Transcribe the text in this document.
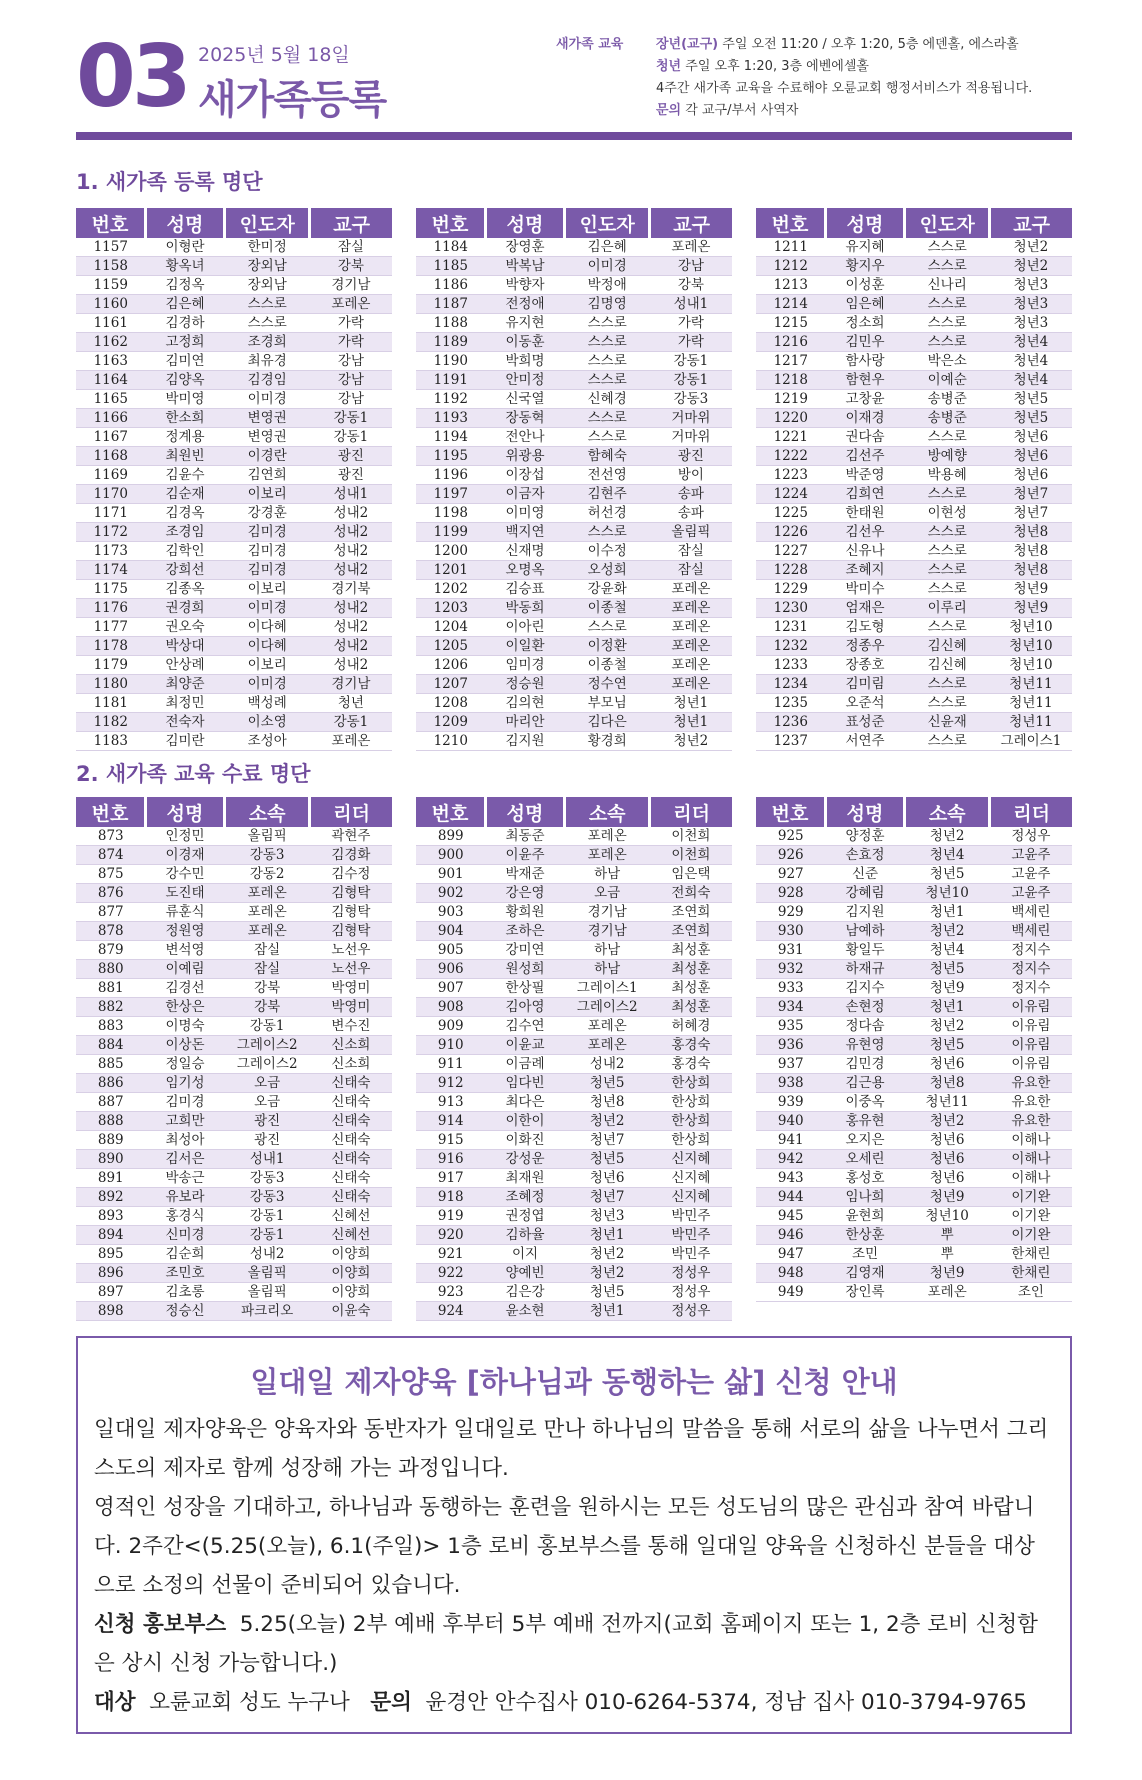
03 2025년 5월 18일
새가족등록
새가족 교육	장년(교구) 주일 오전 11:20 / 오후 1:20, 5층 에덴홀, 에스라홀
청년 주일 오후 1:20, 3층 에벤에셀홀
4주간 새가족 교육을 수료해야 오륜교회 행정서비스가 적용됩니다.
문의 각 교구/부서 사역자
1. 새가족 등록 명단
번호	성명	인도자	교구
1157	이형란	한미정	잠실
1158	황옥녀	장외남	강북
1159	김정옥	장외남	경기남
1160	김은혜	스스로	포레온
1161	김경하	스스로	가락
1162	고정희	조경희	가락
1163	김미연	최유경	강남
1164	김양옥	김경임	강남
1165	박미영	이미경	강남
1166	한소희	변영권	강동1
1167	정계용	변영권	강동1
1168	최원빈	이경란	광진
1169	김윤수	김연희	광진
1170	김순재	이보리	성내1
1171	김경옥	강경훈	성내2
1172	조경임	김미경	성내2
1173	김학인	김미경	성내2
1174	강희선	김미경	성내2
1175	김종옥	이보리	경기북
1176	권경희	이미경	성내2
1177	권오숙	이다혜	성내2
1178	박상대	이다혜	성내2
1179	안상례	이보리	성내2
1180	최양준	이미경	경기남
1181	최정민	백성례	청년
1182	전숙자	이소영	강동1
1183	김미란	조성아	포레온
번호	성명	인도자	교구
1184	장영훈	김은혜	포레온
1185	박복남	이미경	강남
1186	박향자	박정애	강북
1187	전정애	김명영	성내1
1188	유지현	스스로	가락
1189	이동훈	스스로	가락
1190	박희명	스스로	강동1
1191	안미정	스스로	강동1
1192	신국열	신혜경	강동3
1193	장동혁	스스로	거마위
1194	전안나	스스로	거마위
1195	위광용	함혜숙	광진
1196	이장섭	전선영	방이
1197	이금자	김현주	송파
1198	이미영	허선경	송파
1199	백지연	스스로	올림픽
1200	신재명	이수정	잠실
1201	오명옥	오성희	잠실
1202	김승표	강윤화	포레온
1203	박동희	이종철	포레온
1204	이아린	스스로	포레온
1205	이일환	이정환	포레온
1206	임미경	이종철	포레온
1207	정승원	정수연	포레온
1208	김의현	부모님	청년1
1209	마리안	김다은	청년1
1210	김지원	황경희	청년2
번호	성명	인도자	교구
1211	유지혜	스스로	청년2
1212	황지우	스스로	청년2
1213	이성훈	신나리	청년3
1214	임은혜	스스로	청년3
1215	정소희	스스로	청년3
1216	김민우	스스로	청년4
1217	함사랑	박은소	청년4
1218	함현우	이예순	청년4
1219	고창윤	송병준	청년5
1220	이재경	송병준	청년5
1221	권다솜	스스로	청년6
1222	김선주	방예향	청년6
1223	박준영	박용혜	청년6
1224	김희연	스스로	청년7
1225	한태원	이현성	청년7
1226	김선우	스스로	청년8
1227	신유나	스스로	청년8
1228	조혜지	스스로	청년8
1229	박미수	스스로	청년9
1230	엄재은	이루리	청년9
1231	김도형	스스로	청년10
1232	정종우	김신혜	청년10
1233	장종호	김신혜	청년10
1234	김미림	스스로	청년11
1235	오준석	스스로	청년11
1236	표성준	신윤재	청년11
1237	서연주	스스로	그레이스1
2. 새가족 교육 수료 명단
번호	성명	소속	리더
873	인정민	올림픽	곽현주
874	이경재	강동3	김경화
875	강수민	강동2	김수정
876	도진태	포레온	김형탁
877	류훈식	포레온	김형탁
878	정원영	포레온	김형탁
879	변석영	잠실	노선우
880	이예림	잠실	노선우
881	김경선	강북	박영미
882	한상은	강북	박영미
883	이명숙	강동1	변수진
884	이상돈	그레이스2	신소희
885	정일승	그레이스2	신소희
886	임기성	오금	신태숙
887	김미경	오금	신태숙
888	고희만	광진	신태숙
889	최성아	광진	신태숙
890	김서은	성내1	신태숙
891	박송근	강동3	신태숙
892	유보라	강동3	신태숙
893	홍경식	강동1	신혜선
894	신미경	강동1	신혜선
895	김순희	성내2	이양희
896	조민호	올림픽	이양희
897	김초롱	올림픽	이양희
898	정승신	파크리오	이윤숙
번호	성명	소속	리더
899	최동준	포레온	이천희
900	이윤주	포레온	이천희
901	박재준	하남	임은택
902	강은영	오금	전희숙
903	황희원	경기남	조연희
904	조하은	경기남	조연희
905	강미연	하남	최성훈
906	원성희	하남	최성훈
907	한상필	그레이스1	최성훈
908	김아영	그레이스2	최성훈
909	김수연	포레온	허혜경
910	이윤교	포레온	홍경숙
911	이금례	성내2	홍경숙
912	임다빈	청년5	한상희
913	최다은	청년8	한상희
914	이한이	청년2	한상희
915	이화진	청년7	한상희
916	강성운	청년5	신지혜
917	최재원	청년6	신지혜
918	조혜정	청년7	신지혜
919	권정엽	청년3	박민주
920	김하율	청년1	박민주
921	이지	청년2	박민주
922	양예빈	청년2	정성우
923	김은강	청년5	정성우
924	윤소현	청년1	정성우
번호	성명	소속	리더
925	양정훈	청년2	정성우
926	손효정	청년4	고윤주
927	신준	청년5	고윤주
928	강혜림	청년10	고윤주
929	김지원	청년1	백세린
930	남예하	청년2	백세린
931	황일두	청년4	정지수
932	하재규	청년5	정지수
933	김지수	청년9	정지수
934	손현정	청년1	이유림
935	정다솜	청년2	이유림
936	유현영	청년5	이유림
937	김민경	청년6	이유림
938	김근용	청년8	유요한
939	이중옥	청년11	유요한
940	홍유현	청년2	유요한
941	오지은	청년6	이해나
942	오세린	청년6	이해나
943	홍성호	청년6	이해나
944	임나희	청년9	이기완
945	윤현희	청년10	이기완
946	한상훈	뿌	이기완
947	조민	뿌	한채린
948	김영재	청년9	한채린
949	장인록	포레온	조인
일대일 제자양육 [하나님과 동행하는 삶] 신청 안내
일대일 제자양육은 양육자와 동반자가 일대일로 만나 하나님의 말씀을 통해 서로의 삶을 나누면서 그리스도의 제자로 함께 성장해 가는 과정입니다.
영적인 성장을 기대하고, 하나님과 동행하는 훈련을 원하시는 모든 성도님의 많은 관심과 참여 바랍니다. 2주간<(5.25(오늘), 6.1(주일)> 1층 로비 홍보부스를 통해 일대일 양육을 신청하신 분들을 대상으로 소정의 선물이 준비되어 있습니다.
신청 홍보부스 5.25(오늘) 2부 예배 후부터 5부 예배 전까지(교회 홈페이지 또는 1, 2층 로비 신청함은 상시 신청 가능합니다.)
대상 오륜교회 성도 누구나 문의 윤경안 안수집사 010-6264-5374, 정남 집사 010-3794-9765
